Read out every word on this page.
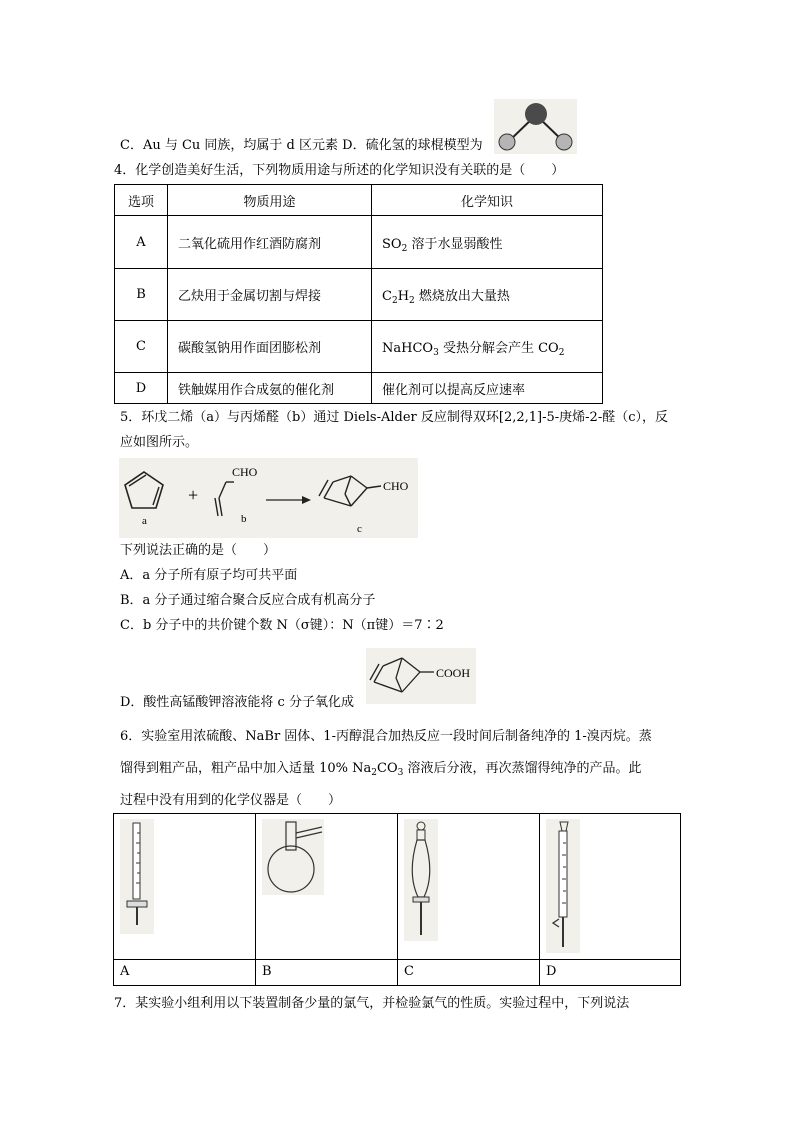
C．Au 与 Cu 同族，均属于 d 区元素 D．硫化氢的球棍模型为
4．化学创造美好生活，下列物质用途与所述的化学知识没有关联的是（　　）
选项	物质用途	化学知识
A	二氧化硫用作红酒防腐剂	$SO_2$ 溶于水显弱酸性
B	乙炔用于金属切割与焊接	$C_2H_2$ 燃烧放出大量热
C	碳酸氢钠用作面团膨松剂	NaHCO$_3$ 受热分解会产生 $CO_2$
D	铁触媒用作合成氨的催化剂	催化剂可以提高反应速率
5．环戊二烯（a）与丙烯醛（b）通过 Diels-Alder 反应制得双环[2,2,1]-5-庚烯-2-醛（c），反
应如图所示。
a
+
CHO
b
CHO
c
下列说法正确的是（　　）
A．a 分子所有原子均可共平面
B．a 分子通过缩合聚合反应合成有机高分子
C．b 分子中的共价键个数 N（σ键）：N（π键）＝7∶2
D．酸性高锰酸钾溶液能将 c 分子氧化成
COOH
6．实验室用浓硫酸、NaBr 固体、1-丙醇混合加热反应一段时间后制备纯净的 1-溴丙烷。蒸
馏得到粗产品，粗产品中加入适量 10% $Na_2CO_3$ 溶液后分液，再次蒸馏得纯净的产品。此
过程中没有用到的化学仪器是（　　）

A	B	C	D
7．某实验小组利用以下装置制备少量的氯气，并检验氯气的性质。实验过程中，下列说法
